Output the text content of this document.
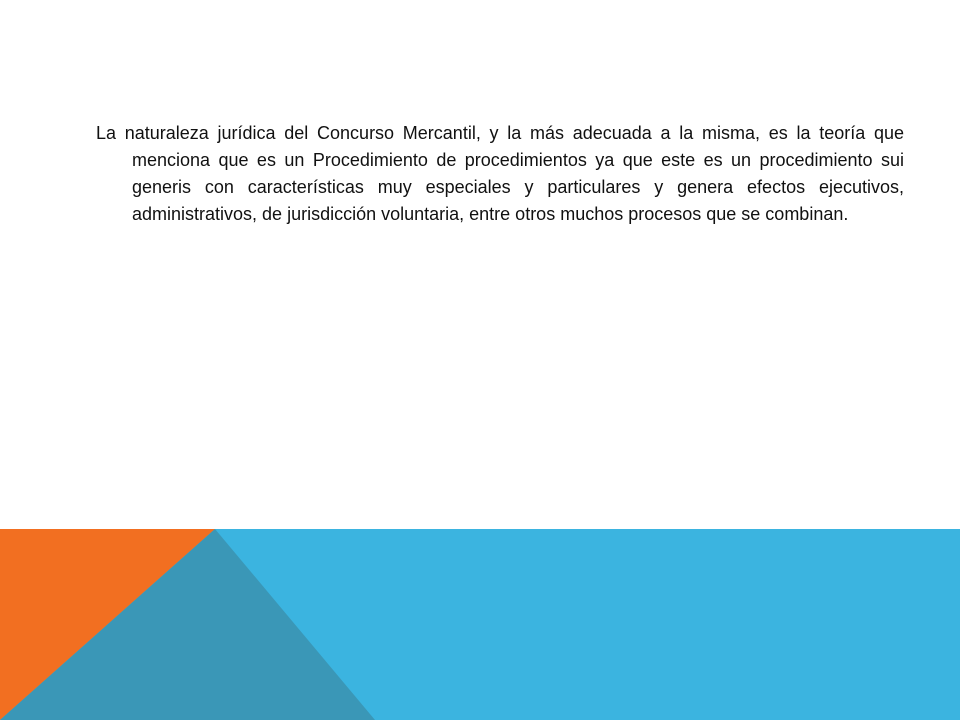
La naturaleza jurídica del Concurso Mercantil, y la más adecuada a la misma, es la teoría que menciona que es un Procedimiento de procedimientos ya que este es un procedimiento sui generis con características muy especiales y particulares y genera efectos ejecutivos, administrativos, de jurisdicción voluntaria, entre otros muchos procesos que se combinan.
